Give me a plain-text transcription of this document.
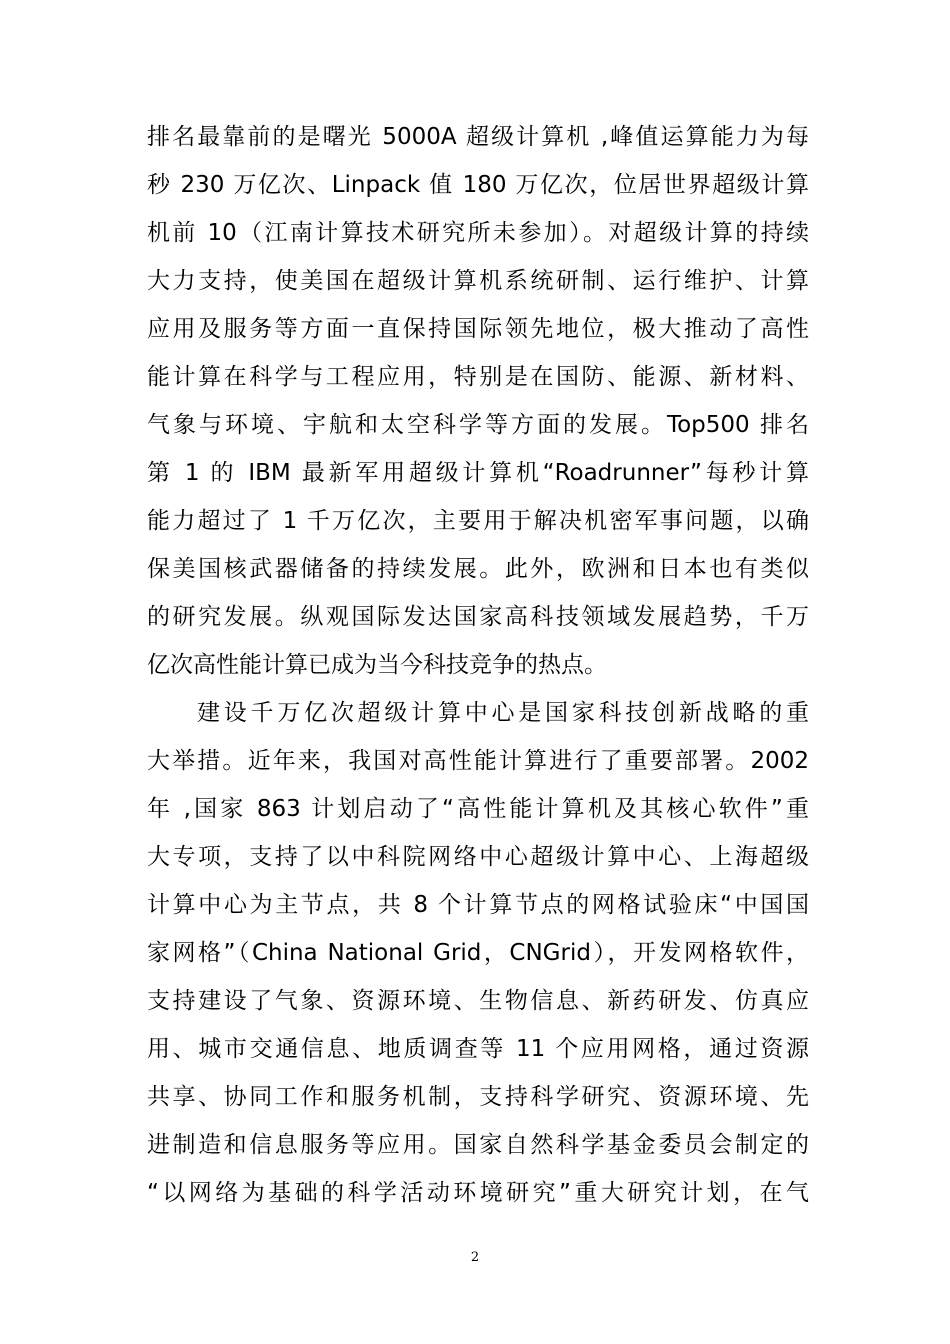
排名最靠前的是曙光 5000A 超级计算机 ,峰值运算能力为每
秒 230 万亿次、Linpack 值 180 万亿次，位居世界超级计算
机前 10（江南计算技术研究所未参加）。对超级计算的持续
大力支持，使美国在超级计算机系统研制、运行维护、计算
应用及服务等方面一直保持国际领先地位，极大推动了高性
能计算在科学与工程应用，特别是在国防、能源、新材料、
气象与环境、宇航和太空科学等方面的发展。Top500 排名
第 1 的 IBM 最新军用超级计算机“Roadrunner”每秒计算
能力超过了 1 千万亿次，主要用于解决机密军事问题，以确
保美国核武器储备的持续发展。此外，欧洲和日本也有类似
的研究发展。纵观国际发达国家高科技领域发展趋势，千万
亿次高性能计算已成为当今科技竞争的热点。
建设千万亿次超级计算中心是国家科技创新战略的重
大举措。近年来，我国对高性能计算进行了重要部署。2002
年 ,国家 863 计划启动了“高性能计算机及其核心软件”重
大专项，支持了以中科院网络中心超级计算中心、上海超级
计算中心为主节点，共 8 个计算节点的网格试验床“中国国
家网格”（China National Grid，CNGrid），开发网格软件，
支持建设了气象、资源环境、生物信息、新药研发、仿真应
用、城市交通信息、地质调查等 11 个应用网格，通过资源
共享、协同工作和服务机制，支持科学研究、资源环境、先
进制造和信息服务等应用。国家自然科学基金委员会制定的
“以网络为基础的科学活动环境研究”重大研究计划，在气
2
